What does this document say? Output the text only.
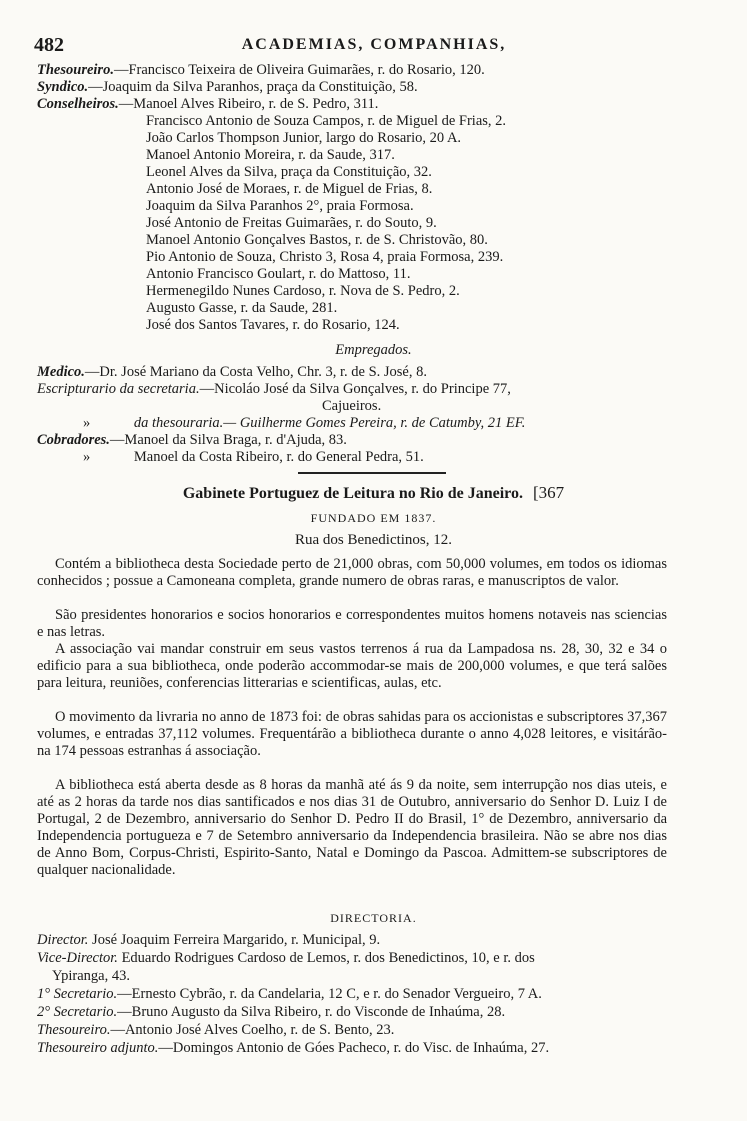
482	ACADEMIAS, COMPANHIAS,
Thesoureiro.—Francisco Teixeira de Oliveira Guimarães, r. do Rosario, 120.
Syndico.—Joaquim da Silva Paranhos, praça da Constituição, 58.
Conselheiros.—Manoel Alves Ribeiro, r. de S. Pedro, 311.
Francisco Antonio de Souza Campos, r. de Miguel de Frias, 2.
João Carlos Thompson Junior, largo do Rosario, 20 A.
Manoel Antonio Moreira, r. da Saude, 317.
Leonel Alves da Silva, praça da Constituição, 32.
Antonio José de Moraes, r. de Miguel de Frias, 8.
Joaquim da Silva Paranhos 2°, praia Formosa.
José Antonio de Freitas Guimarães, r. do Souto, 9.
Manoel Antonio Gonçalves Bastos, r. de S. Christovão, 80.
Pio Antonio de Souza, Christo 3, Rosa 4, praia Formosa, 239.
Antonio Francisco Goulart, r. do Mattoso, 11.
Hermenegildo Nunes Cardoso, r. Nova de S. Pedro, 2.
Augusto Gasse, r. da Saude, 281.
José dos Santos Tavares, r. do Rosario, 124.
Empregados.
Medico.—Dr. José Mariano da Costa Velho, Chr. 3, r. de S. José, 8.
Escripturario da secretaria.—Nicoláo José da Silva Gonçalves, r. do Principe 77,
Cajueiros.
»	da thesouraria.— Guilherme Gomes Pereira, r. de Catumby, 21 EF.
Cobradores.—Manoel da Silva Braga, r. d'Ajuda, 83.
»	Manoel da Costa Ribeiro, r. do General Pedra, 51.
Gabinete Portuguez de Leitura no Rio de Janeiro. [367
FUNDADO EM 1837.
Rua dos Benedictinos, 12.
Contém a bibliotheca desta Sociedade perto de 21,000 obras, com 50,000 volumes, em todos os idiomas conhecidos ; possue a Camoneana completa, grande numero de obras raras, e manuscriptos de valor.
São presidentes honorarios e socios honorarios e correspondentes muitos homens notaveis nas sciencias e nas letras.
A associação vai mandar construir em seus vastos terrenos á rua da Lampadosa ns. 28, 30, 32 e 34 o edificio para a sua bibliotheca, onde poderão accommodar-se mais de 200,000 volumes, e que terá salões para leitura, reuniões, conferencias litterarias e scientificas, aulas, etc.
O movimento da livraria no anno de 1873 foi: de obras sahidas para os accionistas e subscriptores 37,367 volumes, e entradas 37,112 volumes. Frequentárão a bibliotheca durante o anno 4,028 leitores, e visitárão-na 174 pessoas estranhas á associação.
A bibliotheca está aberta desde as 8 horas da manhã até ás 9 da noite, sem interrupção nos dias uteis, e até as 2 horas da tarde nos dias santificados e nos dias 31 de Outubro, anniversario do Senhor D. Luiz I de Portugal, 2 de Dezembro, anniversario do Senhor D. Pedro II do Brasil, 1° de Dezembro, anniversario da Independencia portugueza e 7 de Setembro anniversario da Independencia brasileira. Não se abre nos dias de Anno Bom, Corpus-Christi, Espirito-Santo, Natal e Domingo da Pascoa. Admittem-se subscriptores de qualquer nacionalidade.
DIRECTORIA.
Director. José Joaquim Ferreira Margarido, r. Municipal, 9.
Vice-Director. Eduardo Rodrigues Cardoso de Lemos, r. dos Benedictinos, 10, e r. dos
Ypiranga, 43.
1° Secretario.—Ernesto Cybrão, r. da Candelaria, 12 C, e r. do Senador Vergueiro, 7 A.
2° Secretario.—Bruno Augusto da Silva Ribeiro, r. do Visconde de Inhaúma, 28.
Thesoureiro.—Antonio José Alves Coelho, r. de S. Bento, 23.
Thesoureiro adjunto.—Domingos Antonio de Góes Pacheco, r. do Visc. de Inhaúma, 27.
